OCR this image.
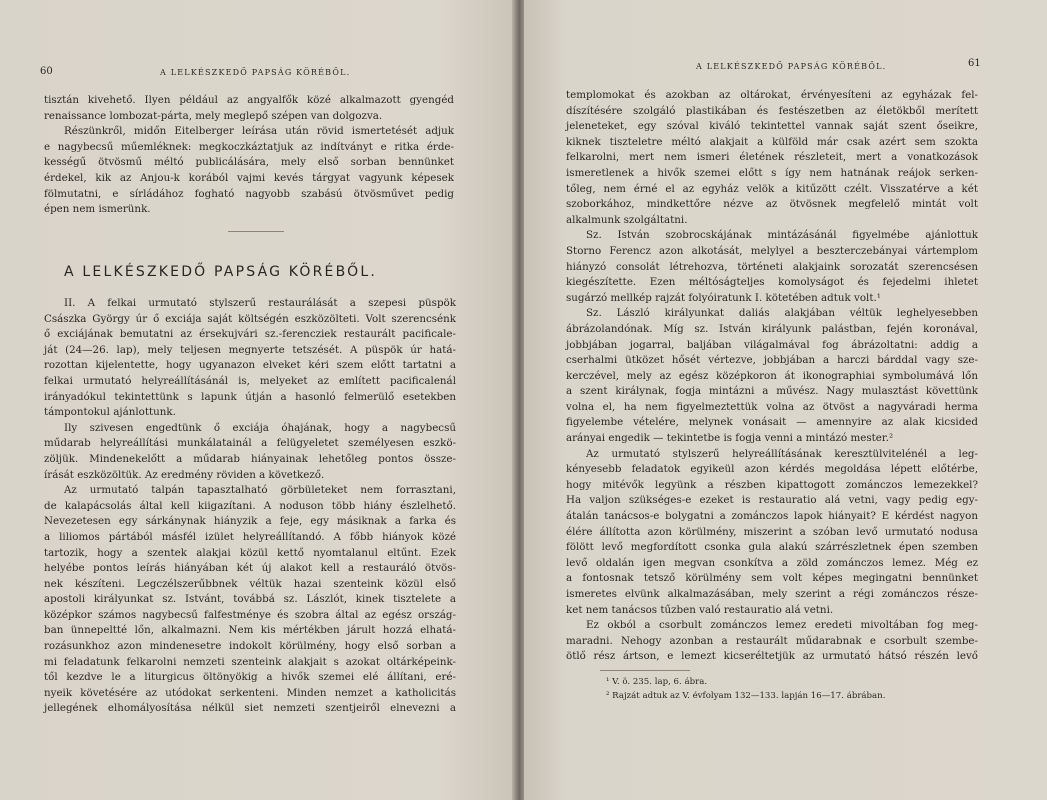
60	A LELKÉSZKEDŐ PAPSÁG KÖRÉBŐL.

tisztán kivehető. Ilyen például az angyalfők közé alkalmazott gyengéd

renaissance lombozat-párta, mely meglepő szépen van dolgozva.

Részünkről, midőn Eitelberger leírása után rövid ismertetését adjuk

e nagybecsű műemléknek: megkoczkáztatjuk az indítványt e ritka érde-

kességű ötvösmű méltó publicálására, mely első sorban bennünket

érdekel, kik az Anjou-k korából vajmi kevés tárgyat vagyunk képesek

fölmutatni, e sírládához fogható nagyobb szabású ötvösművet pedig

épen nem ismerünk.

A LELKÉSZKEDŐ PAPSÁG KÖRÉBŐL.

II. A felkai urmutató stylszerű restaurálását a szepesi püspök

Császka György úr ő exciája saját költségén eszközölteti. Volt szerencsénk

ő exciájának bemutatni az érsekujvári sz.-ferencziek restaurált pacificale-

ját (24—26. lap), mely teljesen megnyerte tetszését. A püspök úr hatá-

rozottan kijelentette, hogy ugyanazon elveket kéri szem előtt tartatni a

felkai urmutató helyreállításánál is, melyeket az említett pacificalenál

irányadókul tekintettünk s lapunk útján a hasonló felmerülő esetekben

támpontokul ajánlottunk.

Ily szivesen engedtünk ő exciája óhajának, hogy a nagybecsű

műdarab helyreállítási munkálatainál a felügyeletet személyesen eszkö-

zöljük. Mindenekelőtt a műdarab hiányainak lehetőleg pontos össze-

írását eszközöltük. Az eredmény röviden a következő.

Az urmutató talpán tapasztalható görbületeket nem forrasztani,

de kalapácsolás által kell kiigazítani. A noduson több hiány észlelhető.

Nevezetesen egy sárkánynak hiányzik a feje, egy másiknak a farka és

a liliomos pártából másfél izület helyreállítandó. A főbb hiányok közé

tartozik, hogy a szentek alakjai közül kettő nyomtalanul eltűnt. Ezek

helyébe pontos leírás hiányában két új alakot kell a restauráló ötvös-

nek készíteni. Legczélszerűbbnek véltük hazai szenteink közül első

apostoli királyunkat sz. Istvánt, továbbá sz. Lászlót, kinek tisztelete a

középkor számos nagybecsű falfestménye és szobra által az egész ország-

ban ünnepeltté lőn, alkalmazni. Nem kis mértékben járult hozzá elhatá-

rozásunkhoz azon mindenesetre indokolt körülmény, hogy első sorban a

mi feladatunk felkarolni nemzeti szenteink alakjait s azokat oltárképeink-

től kezdve le a liturgicus öltönyökig a hivők szemei elé állítani, eré-

nyeik követésére az utódokat serkenteni. Minden nemzet a katholicitás

jellegének elhomályosítása nélkül siet nemzeti szentjeiről elnevezni a

A LELKÉSZKEDŐ PAPSÁG KÖRÉBŐL.	61

templomokat és azokban az oltárokat, érvényesíteni az egyházak fel-

díszítésére szolgáló plastikában és festészetben az életökből merített

jeleneteket, egy szóval kiváló tekintettel vannak saját szent őseikre,

kiknek tiszteletre méltó alakjait a külföld már csak azért sem szokta

felkarolni, mert nem ismeri életének részleteit, mert a vonatkozások

ismeretlenek a hivők szemei előtt s így nem hatnának reájok serken-

tőleg, nem érné el az egyház velök a kitűzött czélt. Visszatérve a két

szoborkához, mindkettőre nézve az ötvösnek megfelelő mintát volt

alkalmunk szolgáltatni.

Sz. István szobrocskájának mintázásánál figyelmébe ajánlottuk

Storno Ferencz azon alkotását, melylyel a beszterczebányai vártemplom

hiányzó consolát létrehozva, történeti alakjaink sorozatát szerencsésen

kiegészítette. Ezen méltóságteljes komolyságot és fejedelmi ihletet

sugárzó mellkép rajzát folyóiratunk I. kötetében adtuk volt.¹

Sz. László királyunkat daliás alakjában véltük leghelyesebben

ábrázolandónak. Míg sz. István királyunk palástban, fején koronával,

jobbjában jogarral, baljában világalmával fog ábrázoltatni: addig a

cserhalmi ütközet hősét vértezve, jobbjában a harczi bárddal vagy sze-

kerczével, mely az egész középkoron át ikonographiai symbolumává lőn

a szent királynak, fogja mintázni a művész. Nagy mulasztást követtünk

volna el, ha nem figyelmeztettük volna az ötvöst a nagyváradi herma

figyelembe vételére, melynek vonásait — amennyire az alak kicsided

arányai engedik — tekintetbe is fogja venni a mintázó mester.²

Az urmutató stylszerű helyreállításának keresztülvitelénél a leg-

kényesebb feladatok egyikeül azon kérdés megoldása lépett előtérbe,

hogy mitévők legyünk a részben kipattogott zománczos lemezekkel?

Ha valjon szükséges-e ezeket is restauratio alá vetni, vagy pedig egy-

átalán tanácsos-e bolygatni a zománczos lapok hiányait? E kérdést nagyon

élére állította azon körülmény, miszerint a szóban levő urmutató nodusa

fölött levő megfordított csonka gula alakú szárrészletnek épen szemben

levő oldalán igen megvan csonkítva a zöld zománczos lemez. Még ez

a fontosnak tetsző körülmény sem volt képes megingatni bennünket

ismeretes elvünk alkalmazásában, mely szerint a régi zománczos része-

ket nem tanácsos tűzben való restauratio alá vetni.

Ez okból a csorbult zománczos lemez eredeti mivoltában fog meg-

maradni. Nehogy azonban a restaurált műdarabnak e csorbult szembe-

ötlő rész ártson, e lemezt kicseréltetjük az urmutató hátsó részén levő

¹ V. ö. 235. lap, 6. ábra.
² Rajzát adtuk az V. évfolyam 132—133. lapján 16—17. ábrában.
